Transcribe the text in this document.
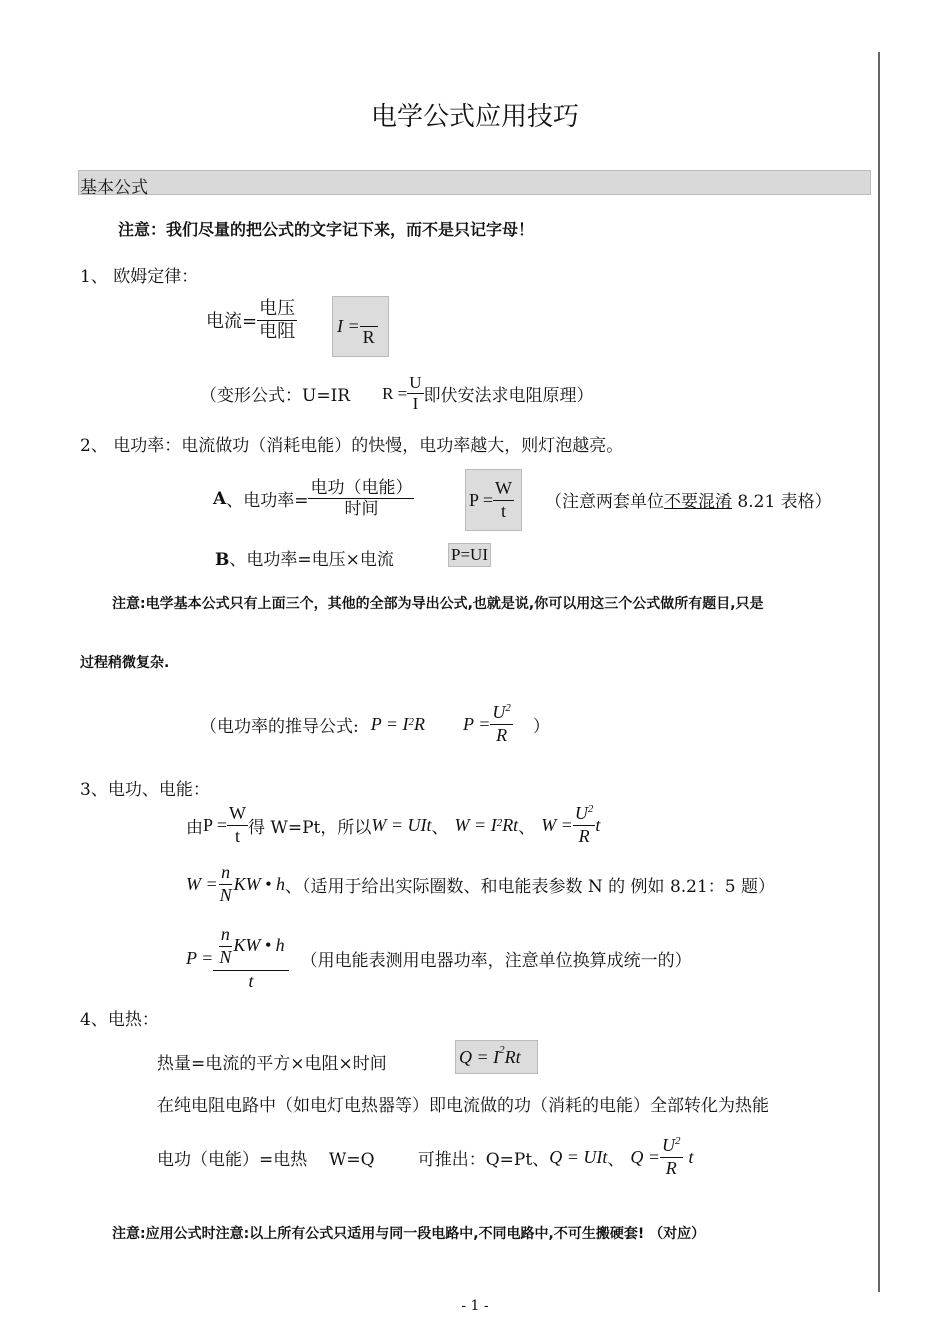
电学公式应用技巧
基本公式
注意：我们尽量的把公式的文字记下来，而不是只记字母！
1、 欧姆定律：
电流= $\frac{\text{电压}}{\text{电阻}}$ I =
R
（变形公式：U=IR $R = \frac{U}{I}$ 即伏安法求电阻原理）
2、 电功率：电流做功（消耗电能）的快慢，电功率越大，则灯泡越亮。
A 、电功率= $\frac{\text{电功（电能）}}{\text{时间}}$	$P = \frac{W}{t}$ （注意两套单位不要混淆 8.21 表格）
B、电功率=电压×电流	P=UI
注意:电学基本公式只有上面三个，其他的全部为导出公式,也就是说,你可以用这三个公式做所有题目,只是
过程稍微复杂.
（电功率的推导公式: P = I 2 R $P = \frac{U^2}{R}$ ）
3、电功、电能：
由 $P = \frac{W}{t}$ 得 W=Pt，所以 W = UIt 、 W = I 2 Rt 、 $W = \frac{U^2}{R}$ t
$W = \frac{n}{N}$ KW • h 、（适用于给出实际圈数、和电能表参数 N 的 例如 8.21：5 题）
$P = \frac{\frac{n}{N} KW • h}{t}$ （用电能表测用电器功率，注意单位换算成统一的）
4、电热：
热量=电流的平方×电阻×时间	$Q = I^2$ Rt
在纯电阻电路中（如电灯电热器等）即电流做的功（消耗的电能）全部转化为热能
电功（电能）=电热    W=Q        可推出：Q=Pt、 Q = UIt 、 $Q = \frac{U^2}{R}$ t
注意:应用公式时注意:以上所有公式只适用与同一段电路中,不同电路中,不可生搬硬套! （对应）
- 1 -
